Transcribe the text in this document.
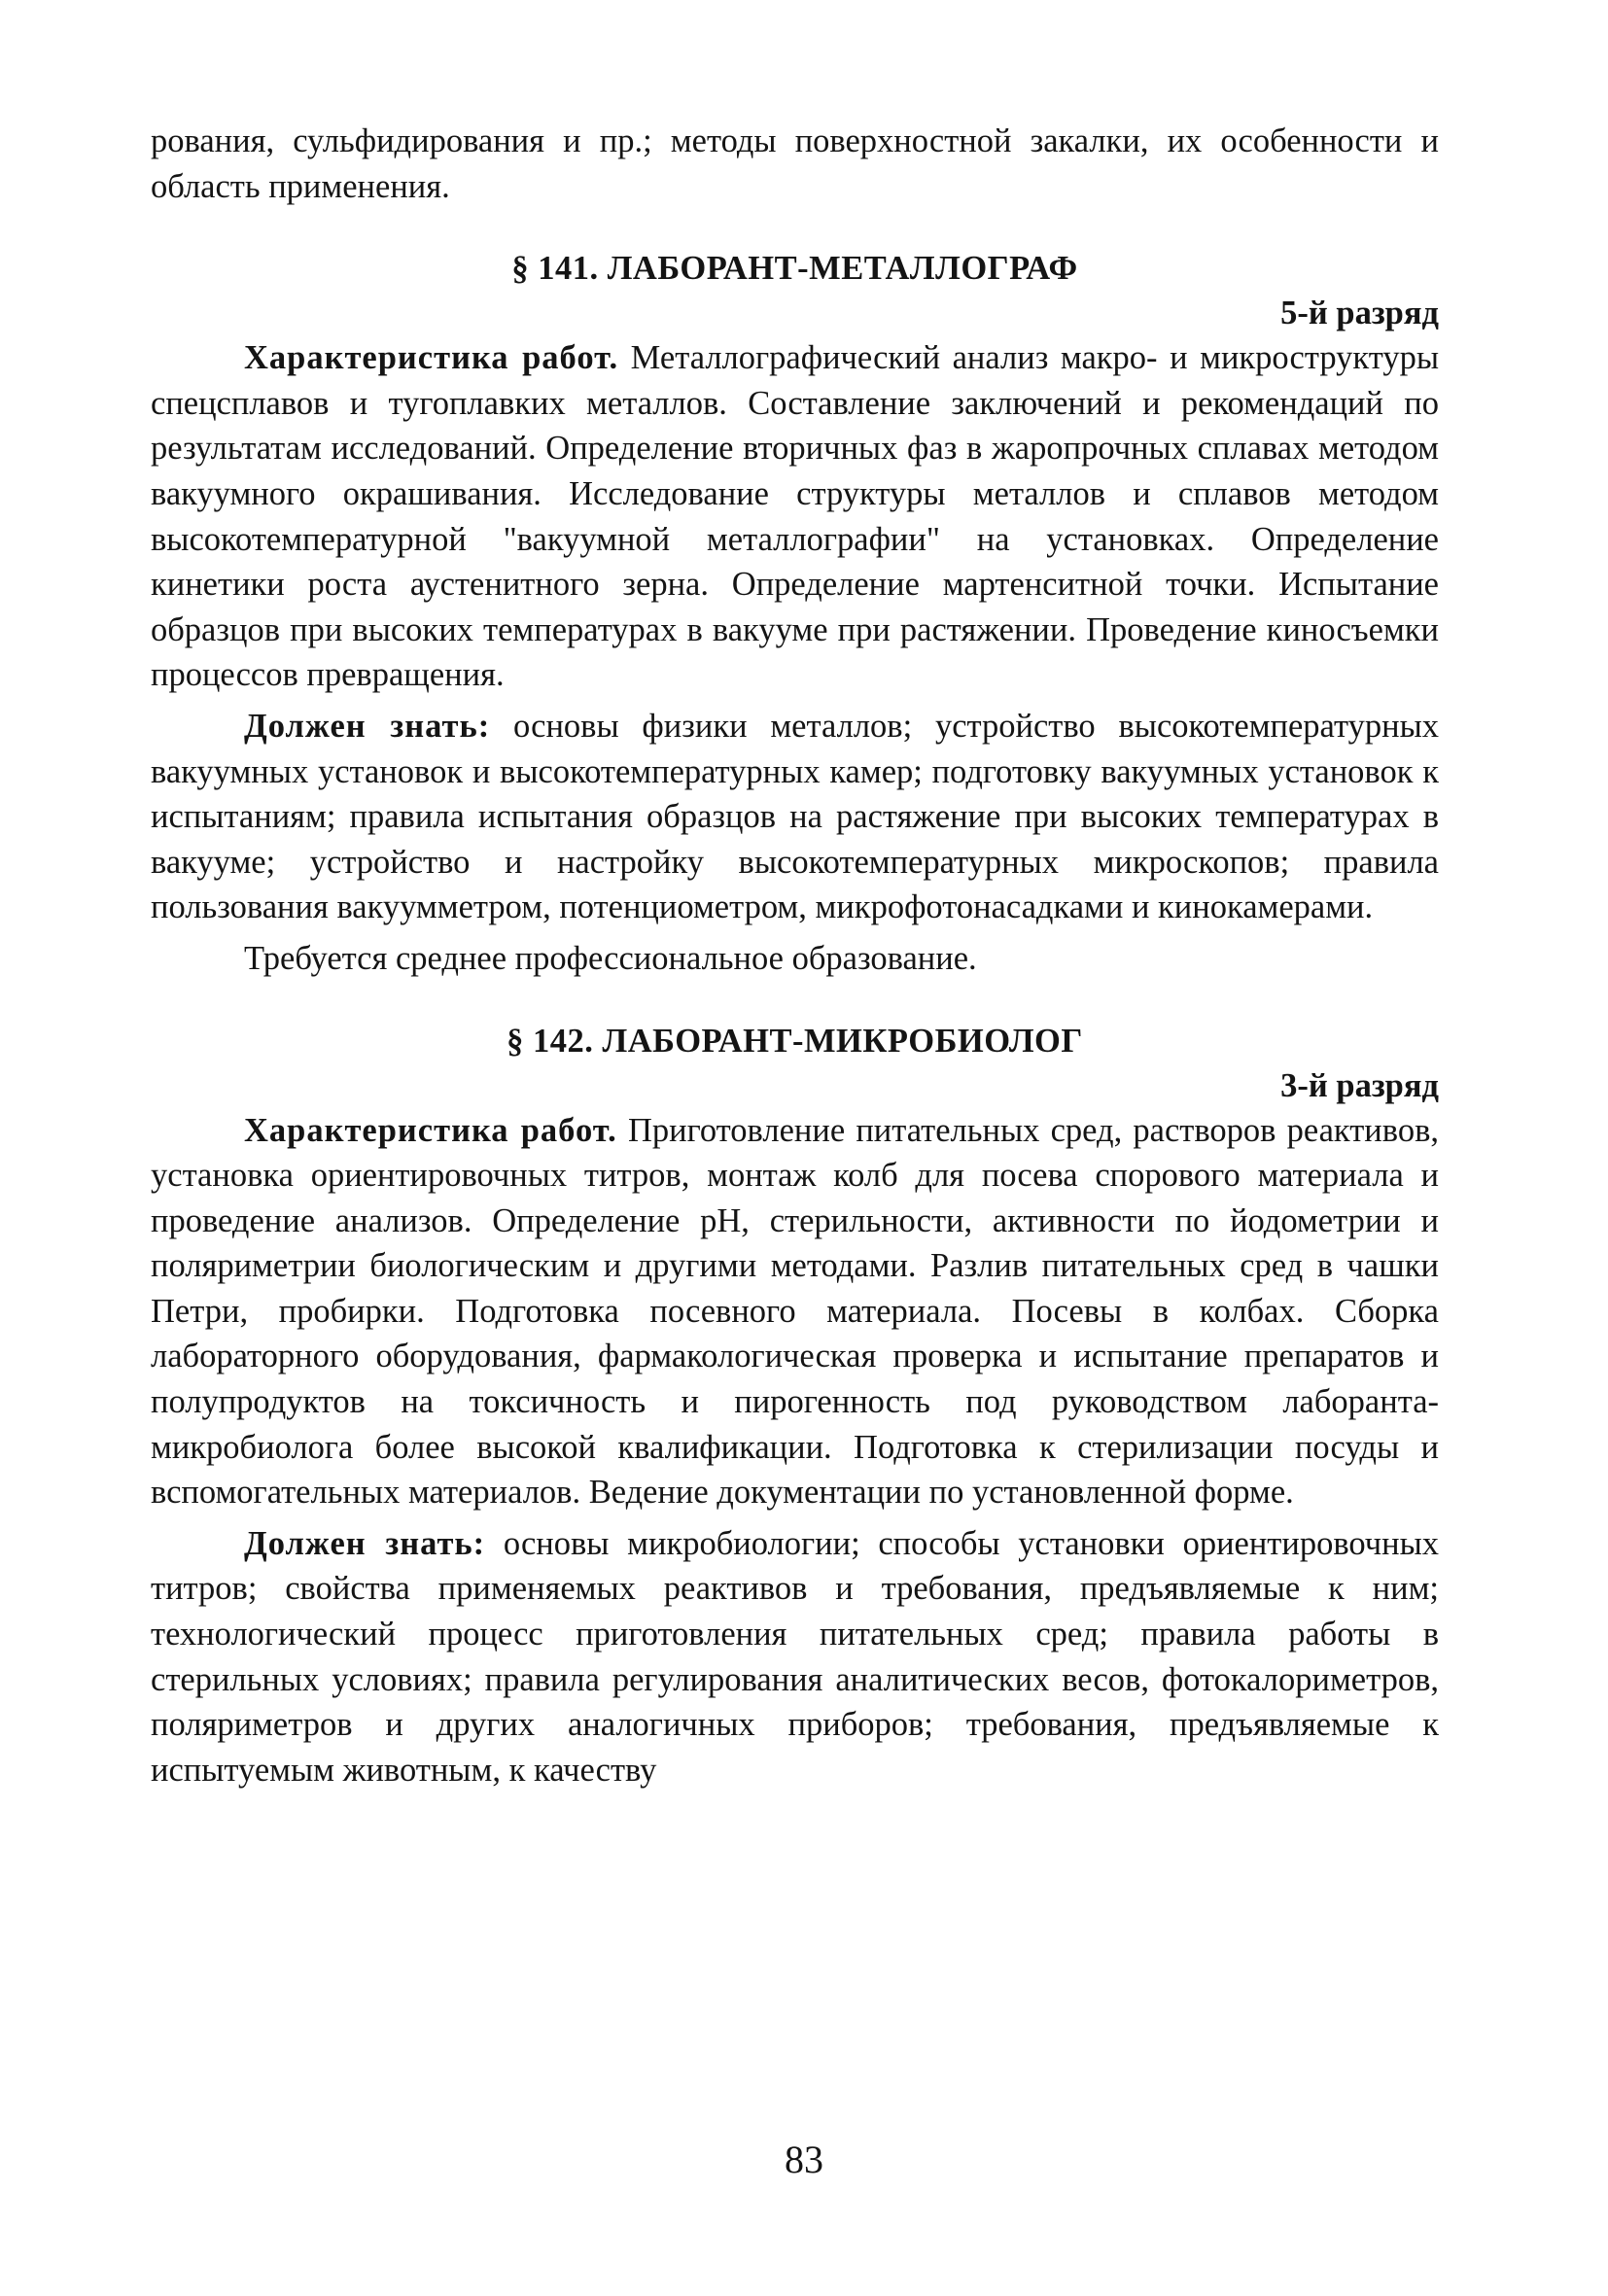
рования, сульфидирования и пр.; методы поверхностной закалки, их особенности и область применения.

§ 141. ЛАБОРАНТ-МЕТАЛЛОГРАФ
5-й разряд

Характеристика работ. Металлографический анализ макро- и микроструктуры спецсплавов и тугоплавких металлов. Составление заключений и рекомендаций по результатам исследований. Определение вторичных фаз в жаропрочных сплавах методом вакуумного окрашивания. Исследование структуры металлов и сплавов методом высокотемпературной "вакуумной металлографии" на установках. Определение кинетики роста аустенитного зерна. Определение мартенситной точки. Испытание образцов при высоких температурах в вакууме при растяжении. Проведение киносъемки процессов превращения.

Должен знать: основы физики металлов; устройство высокотемпературных вакуумных установок и высокотемпературных камер; подготовку вакуумных установок к испытаниям; правила испытания образцов на растяжение при высоких температурах в вакууме; устройство и настройку высокотемпературных микроскопов; правила пользования вакуумметром, потенциометром, микрофотонасадками и кинокамерами.

Требуется среднее профессиональное образование.

§ 142. ЛАБОРАНТ-МИКРОБИОЛОГ
3-й разряд

Характеристика работ. Приготовление питательных сред, растворов реактивов, установка ориентировочных титров, монтаж колб для посева спорового материала и проведение анализов. Определение pH, стерильности, активности по йодометрии и поляриметрии биологическим и другими методами. Разлив питательных сред в чашки Петри, пробирки. Подготовка посевного материала. Посевы в колбах. Сборка лабораторного оборудования, фармакологическая проверка и испытание препаратов и полупродуктов на токсичность и пирогенность под руководством лаборанта-микробиолога более высокой квалификации. Подготовка к стерилизации посуды и вспомогательных материалов. Ведение документации по установленной форме.

Должен знать: основы микробиологии; способы установки ориентировочных титров; свойства применяемых реактивов и требования, предъявляемые к ним; технологический процесс приготовления питательных сред; правила работы в стерильных условиях; правила регулирования аналитических весов, фотокалориметров, поляриметров и других аналогичных приборов; требования, предъявляемые к испытуемым животным, к качеству

83
